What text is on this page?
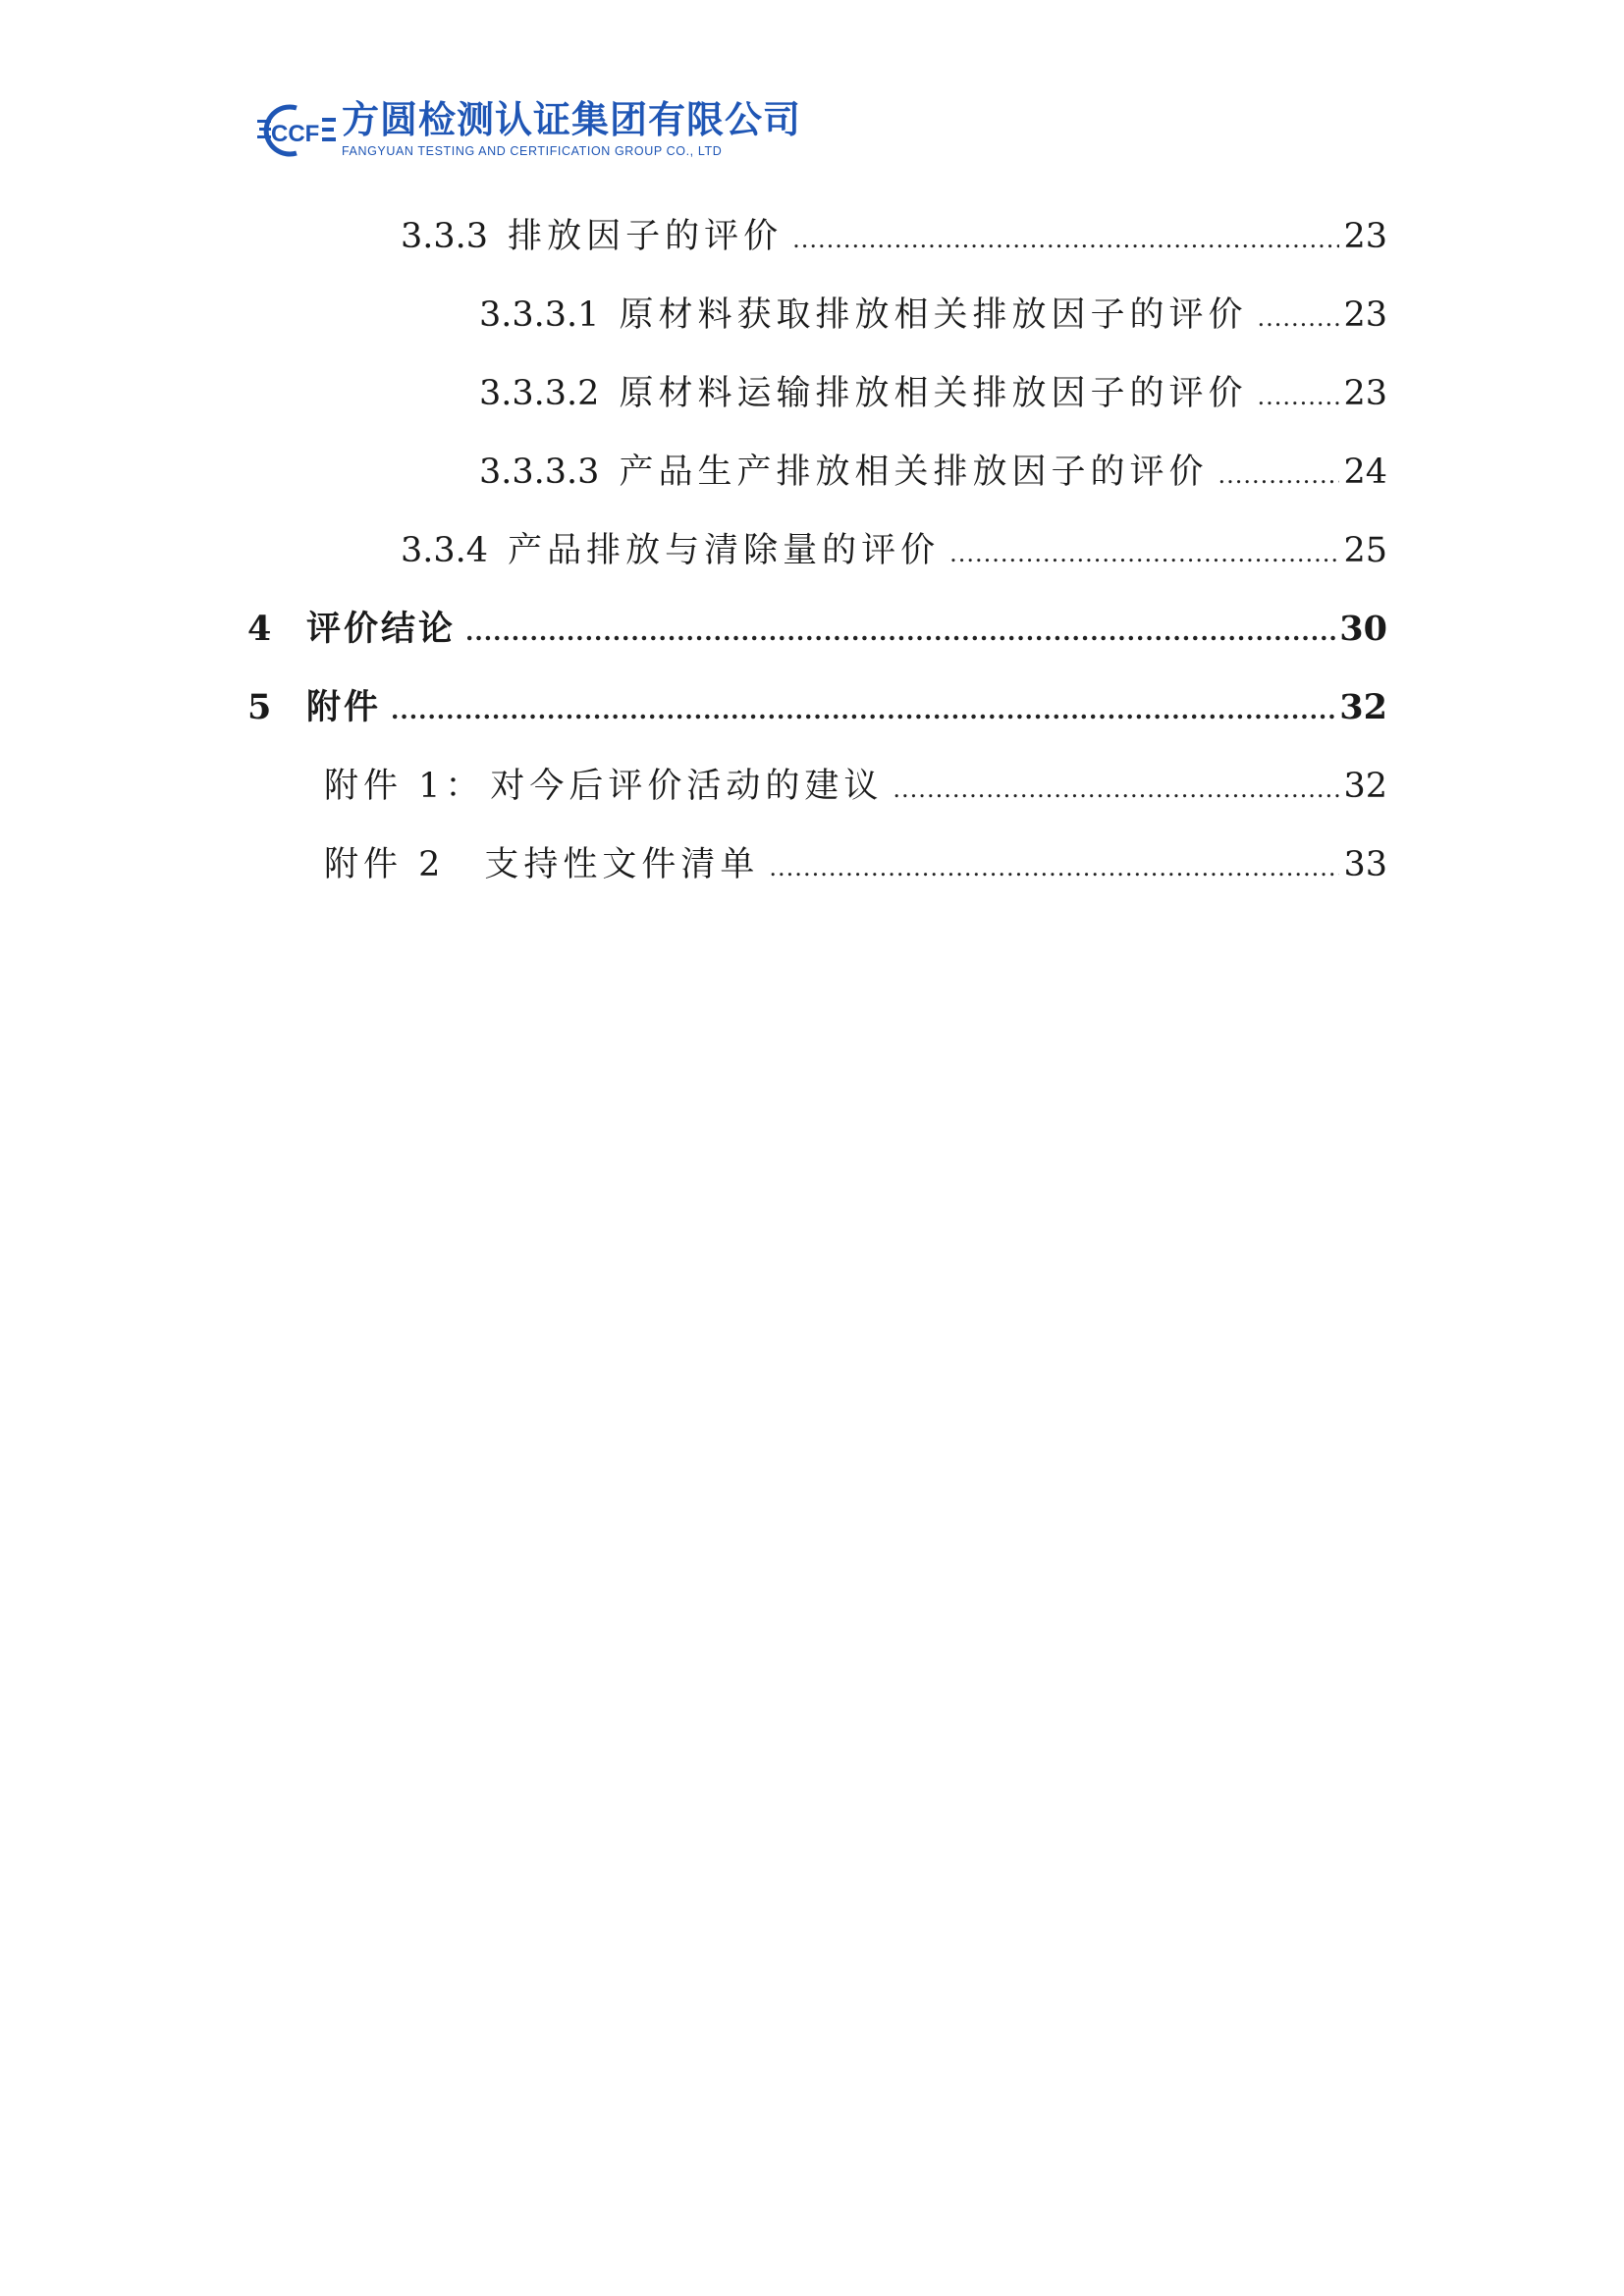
CCF 方圆检测认证集团有限公司
FANGYUAN TESTING AND CERTIFICATION GROUP CO., LTD
3.3.3 排放因子的评价 .....	23
3.3.3.1 原材料获取排放相关排放因子的评价 .....	23
3.3.3.2 原材料运输排放相关排放因子的评价 .....	23
3.3.3.3 产品生产排放相关排放因子的评价 .....	24
3.3.4 产品排放与清除量的评价 .....	25
4	评价结论 .....	30
5	附件 .....	32
附件 1： 对今后评价活动的建议 .....	32
附件 2 支持性文件清单 .....	33
